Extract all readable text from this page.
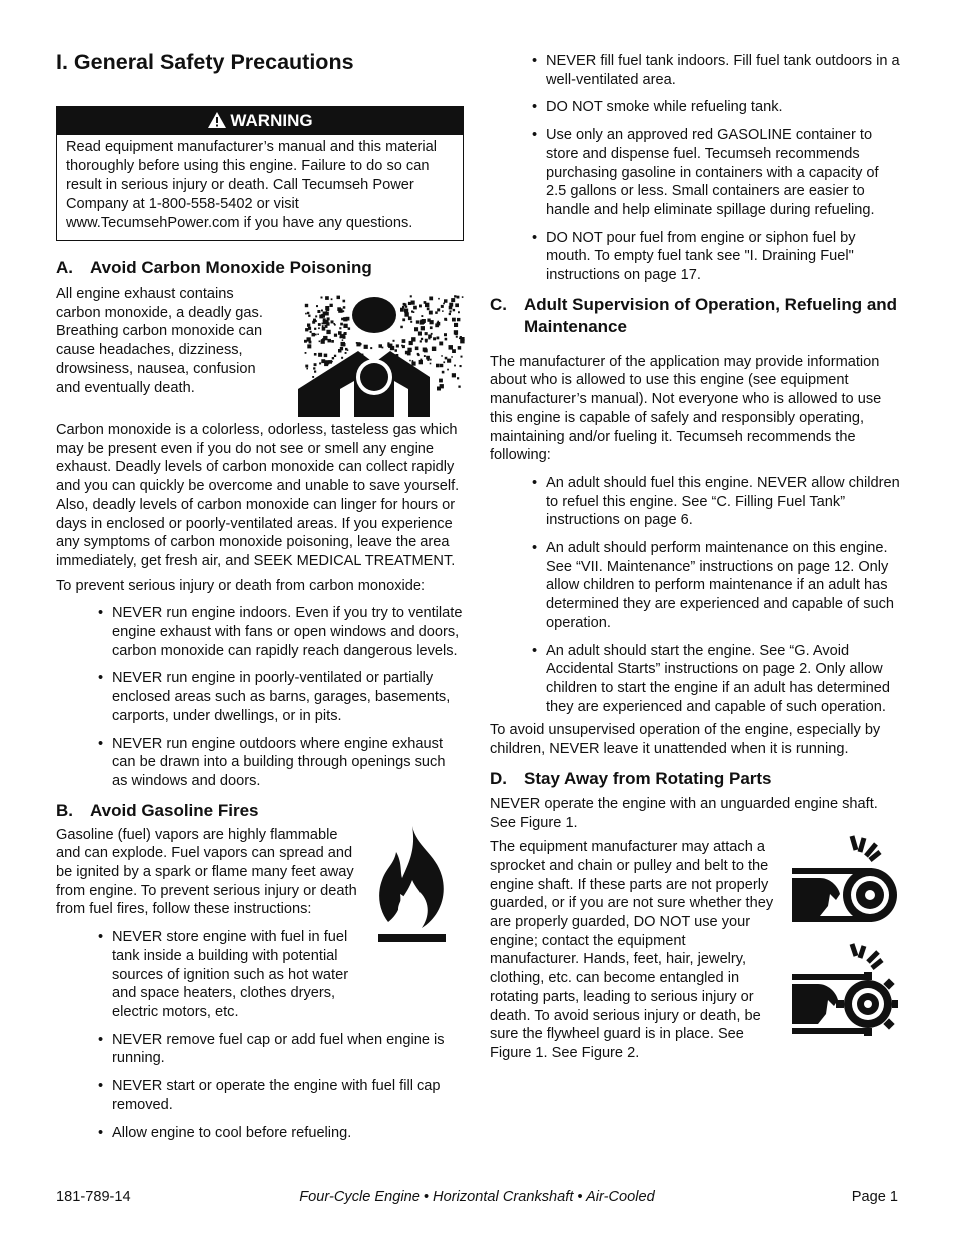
I. General Safety Precautions
WARNING
Read equipment manufacturer’s manual and this material thoroughly before using this engine. Failure to do so can result in serious injury or death. Call Tecumseh Power Company at 1-800-558-5402 or visit www.TecumsehPower.com if you have any questions.
A. Avoid Carbon Monoxide Poisoning

All engine exhaust contains carbon monoxide, a deadly gas. Breathing carbon monoxide can cause headaches, dizziness, drowsiness, nausea, confusion and eventually death.

Carbon monoxide is a colorless, odorless, tasteless gas which may be present even if you do not see or smell any engine exhaust. Deadly levels of carbon monoxide can collect rapidly and you can quickly be overcome and unable to save yourself. Also, deadly levels of carbon monoxide can linger for hours or days in enclosed or poorly-ventilated areas. If you experience any symptoms of carbon monoxide poisoning, leave the area immediately, get fresh air, and SEEK MEDICAL TREATMENT.

To prevent serious injury or death from carbon monoxide:

• NEVER run engine indoors. Even if you try to ventilate engine exhaust with fans or open windows and doors, carbon monoxide can rapidly reach dangerous levels.
• NEVER run engine in poorly-ventilated or partially enclosed areas such as barns, garages, basements, carports, under dwellings, or in pits.
• NEVER run engine outdoors where engine exhaust can be drawn into a building through openings such as windows and doors.
B. Avoid Gasoline Fires

Gasoline (fuel) vapors are highly flammable and can explode. Fuel vapors can spread and be ignited by a spark or flame many feet away from engine. To prevent serious injury or death from fuel fires, follow these instructions:

• NEVER store engine with fuel in fuel tank inside a building with potential sources of ignition such as hot water and space heaters, clothes dryers, electric motors, etc.
• NEVER remove fuel cap or add fuel when engine is running.
• NEVER start or operate the engine with fuel fill cap removed.
• Allow engine to cool before refueling.
• NEVER fill fuel tank indoors. Fill fuel tank outdoors in a well-ventilated area.
• DO NOT smoke while refueling tank.
• Use only an approved red GASOLINE container to store and dispense fuel. Tecumseh recommends purchasing gasoline in containers with a capacity of 2.5 gallons or less. Small containers are easier to handle and help eliminate spillage during refueling.
• DO NOT pour fuel from engine or siphon fuel by mouth. To empty fuel tank see "I. Draining Fuel" instructions on page 17.
C.	Adult Supervision of Operation, Refueling and Maintenance

The manufacturer of the application may provide information about who is allowed to use this engine (see equipment manufacturer’s manual). Not everyone who is allowed to use this engine is capable of safely and responsibly operating, maintaining and/or fueling it. Tecumseh recommends the following:

• An adult should fuel this engine. NEVER allow children to refuel this engine. See “C. Filling Fuel Tank” instructions on page 6.
• An adult should perform maintenance on this engine. See “VII. Maintenance” instructions on page 12. Only allow children to perform maintenance if an adult has determined they are experienced and capable of such operation.
• An adult should start the engine. See “G. Avoid Accidental Starts” instructions on page 2. Only allow children to start the engine if an adult has determined they are experienced and capable of such operation.

To avoid unsupervised operation of the engine, especially by children, NEVER leave it unattended when it is running.

D. Stay Away from Rotating Parts

NEVER operate the engine with an unguarded engine shaft. See Figure 1.

The equipment manufacturer may attach a sprocket and chain or pulley and belt to the engine shaft. If these parts are not properly guarded, or if you are not sure whether they are properly guarded, DO NOT use your engine; contact the equipment manufacturer. Hands, feet, hair, jewelry, clothing, etc. can become entangled in rotating parts, leading to serious injury or death. To avoid serious injury or death, be sure the flywheel guard is in place. See Figure 1. See Figure 2.

181-789-14	Four-Cycle Engine • Horizontal Crankshaft • Air-Cooled	Page 1
